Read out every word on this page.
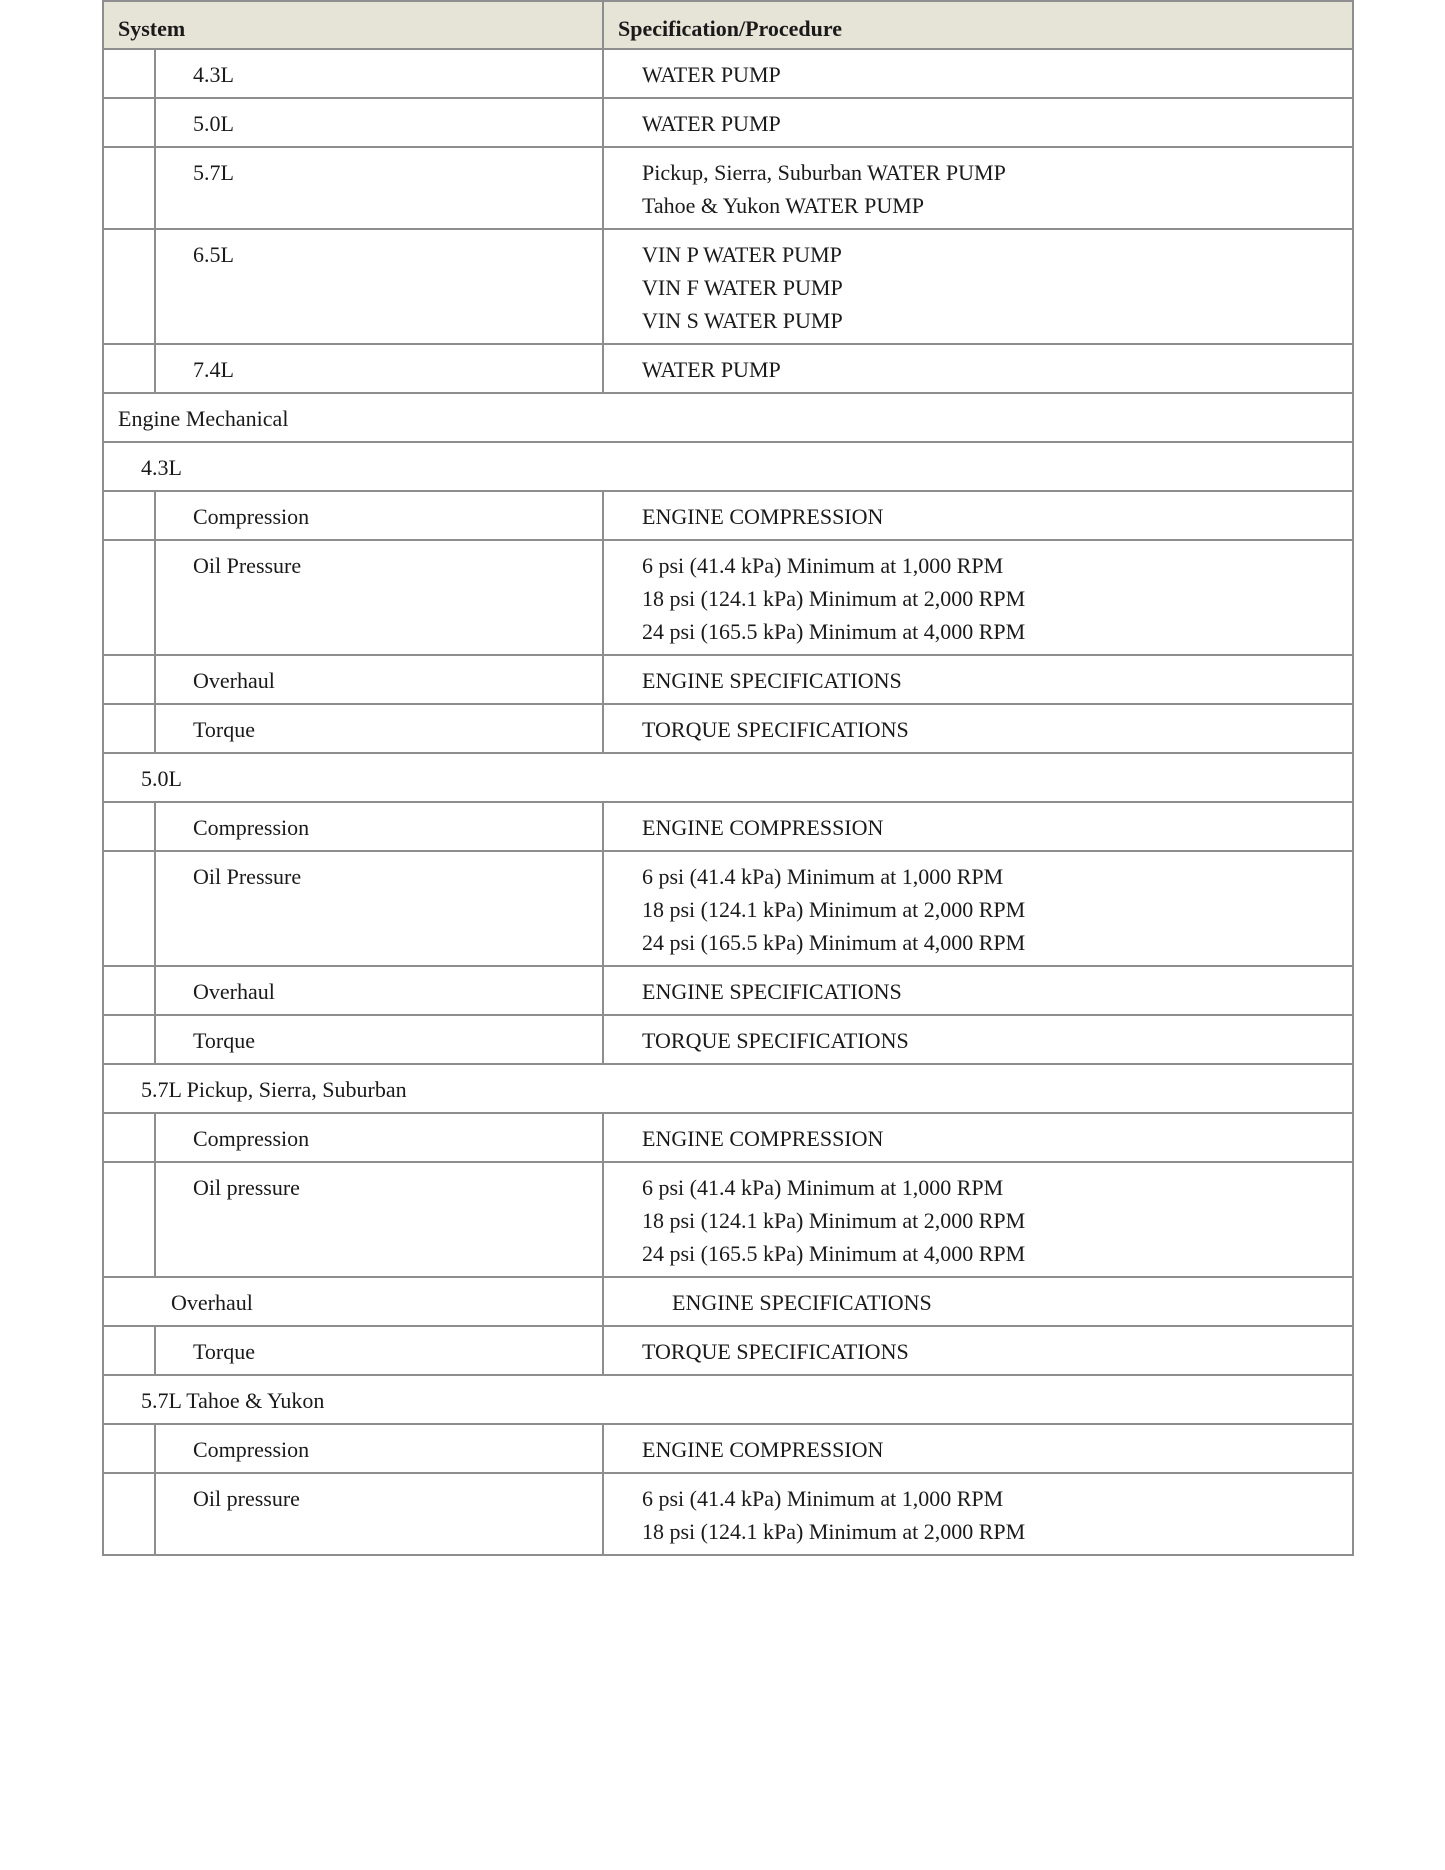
System		Specification/Procedure
	4.3L	WATER PUMP

	5.0L	WATER PUMP

	5.7L	Pickup, Sierra, Suburban WATER PUMP
Tahoe & Yukon WATER PUMP

	6.5L	VIN P WATER PUMP
VIN F WATER PUMP
VIN S WATER PUMP

	7.4L	WATER PUMP

Engine Mechanical		
4.3L		
	Compression	ENGINE COMPRESSION

	Oil Pressure	6 psi (41.4 kPa) Minimum at 1,000 RPM
18 psi (124.1 kPa) Minimum at 2,000 RPM
24 psi (165.5 kPa) Minimum at 4,000 RPM

	Overhaul	ENGINE SPECIFICATIONS

	Torque	TORQUE SPECIFICATIONS

5.0L		
	Compression	ENGINE COMPRESSION

	Oil Pressure	6 psi (41.4 kPa) Minimum at 1,000 RPM
18 psi (124.1 kPa) Minimum at 2,000 RPM
24 psi (165.5 kPa) Minimum at 4,000 RPM

	Overhaul	ENGINE SPECIFICATIONS

	Torque	TORQUE SPECIFICATIONS

5.7L Pickup, Sierra, Suburban		
	Compression	ENGINE COMPRESSION

	Oil pressure	6 psi (41.4 kPa) Minimum at 1,000 RPM
18 psi (124.1 kPa) Minimum at 2,000 RPM
24 psi (165.5 kPa) Minimum at 4,000 RPM

Overhaul		ENGINE SPECIFICATIONS

	Torque	TORQUE SPECIFICATIONS

5.7L Tahoe & Yukon		
	Compression	ENGINE COMPRESSION

	Oil pressure	6 psi (41.4 kPa) Minimum at 1,000 RPM
18 psi (124.1 kPa) Minimum at 2,000 RPM
